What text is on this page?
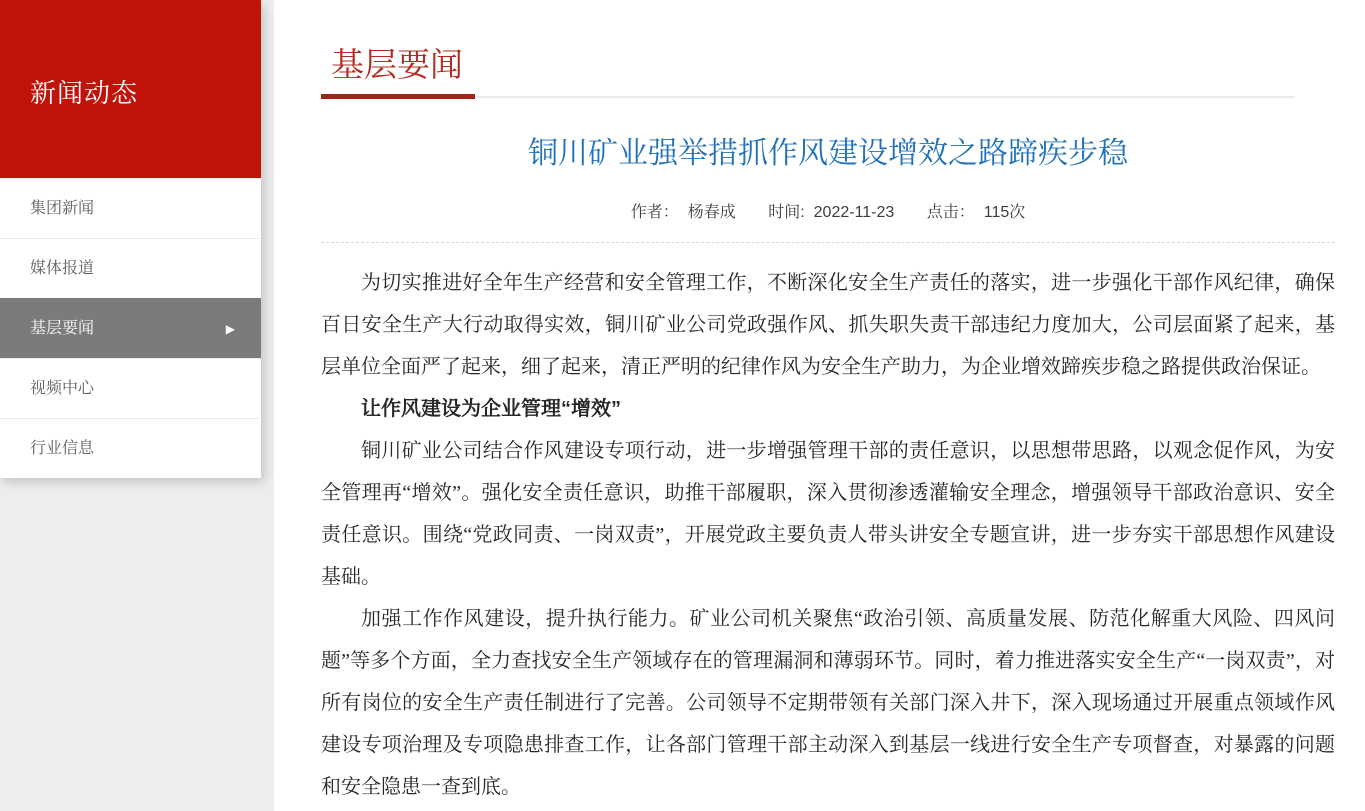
新闻动态
集团新闻
媒体报道
基层要闻	▶
视频中心
行业信息
基层要闻
铜川矿业强举措抓作风建设增效之路蹄疾步稳
作者： 杨春成 时间: 2022-11-23 点击： 115次

为切实推进好全年生产经营和安全管理工作，不断深化安全生产责任的落实，进一步强化干部作风纪律，确保百日安全生产大行动取得实效，铜川矿业公司党政强作风、抓失职失责干部违纪力度加大，公司层面紧了起来，基层单位全面严了起来，细了起来，清正严明的纪律作风为安全生产助力，为企业增效蹄疾步稳之路提供政治保证。

让作风建设为企业管理“增效”

铜川矿业公司结合作风建设专项行动，进一步增强管理干部的责任意识，以思想带思路，以观念促作风，为安全管理再“增效”。强化安全责任意识，助推干部履职，深入贯彻渗透灌输安全理念，增强领导干部政治意识、安全责任意识。围绕“党政同责、一岗双责”，开展党政主要负责人带头讲安全专题宣讲，进一步夯实干部思想作风建设基础。

加强工作作风建设，提升执行能力。矿业公司机关聚焦“政治引领、高质量发展、防范化解重大风险、四风问题”等多个方面，全力查找安全生产领域存在的管理漏洞和薄弱环节。同时，着力推进落实安全生产“一岗双责”，对所有岗位的安全生产责任制进行了完善。公司领导不定期带领有关部门深入井下，深入现场通过开展重点领域作风建设专项治理及专项隐患排查工作，让各部门管理干部主动深入到基层一线进行安全生产专项督查，对暴露的问题和安全隐患一查到底。
